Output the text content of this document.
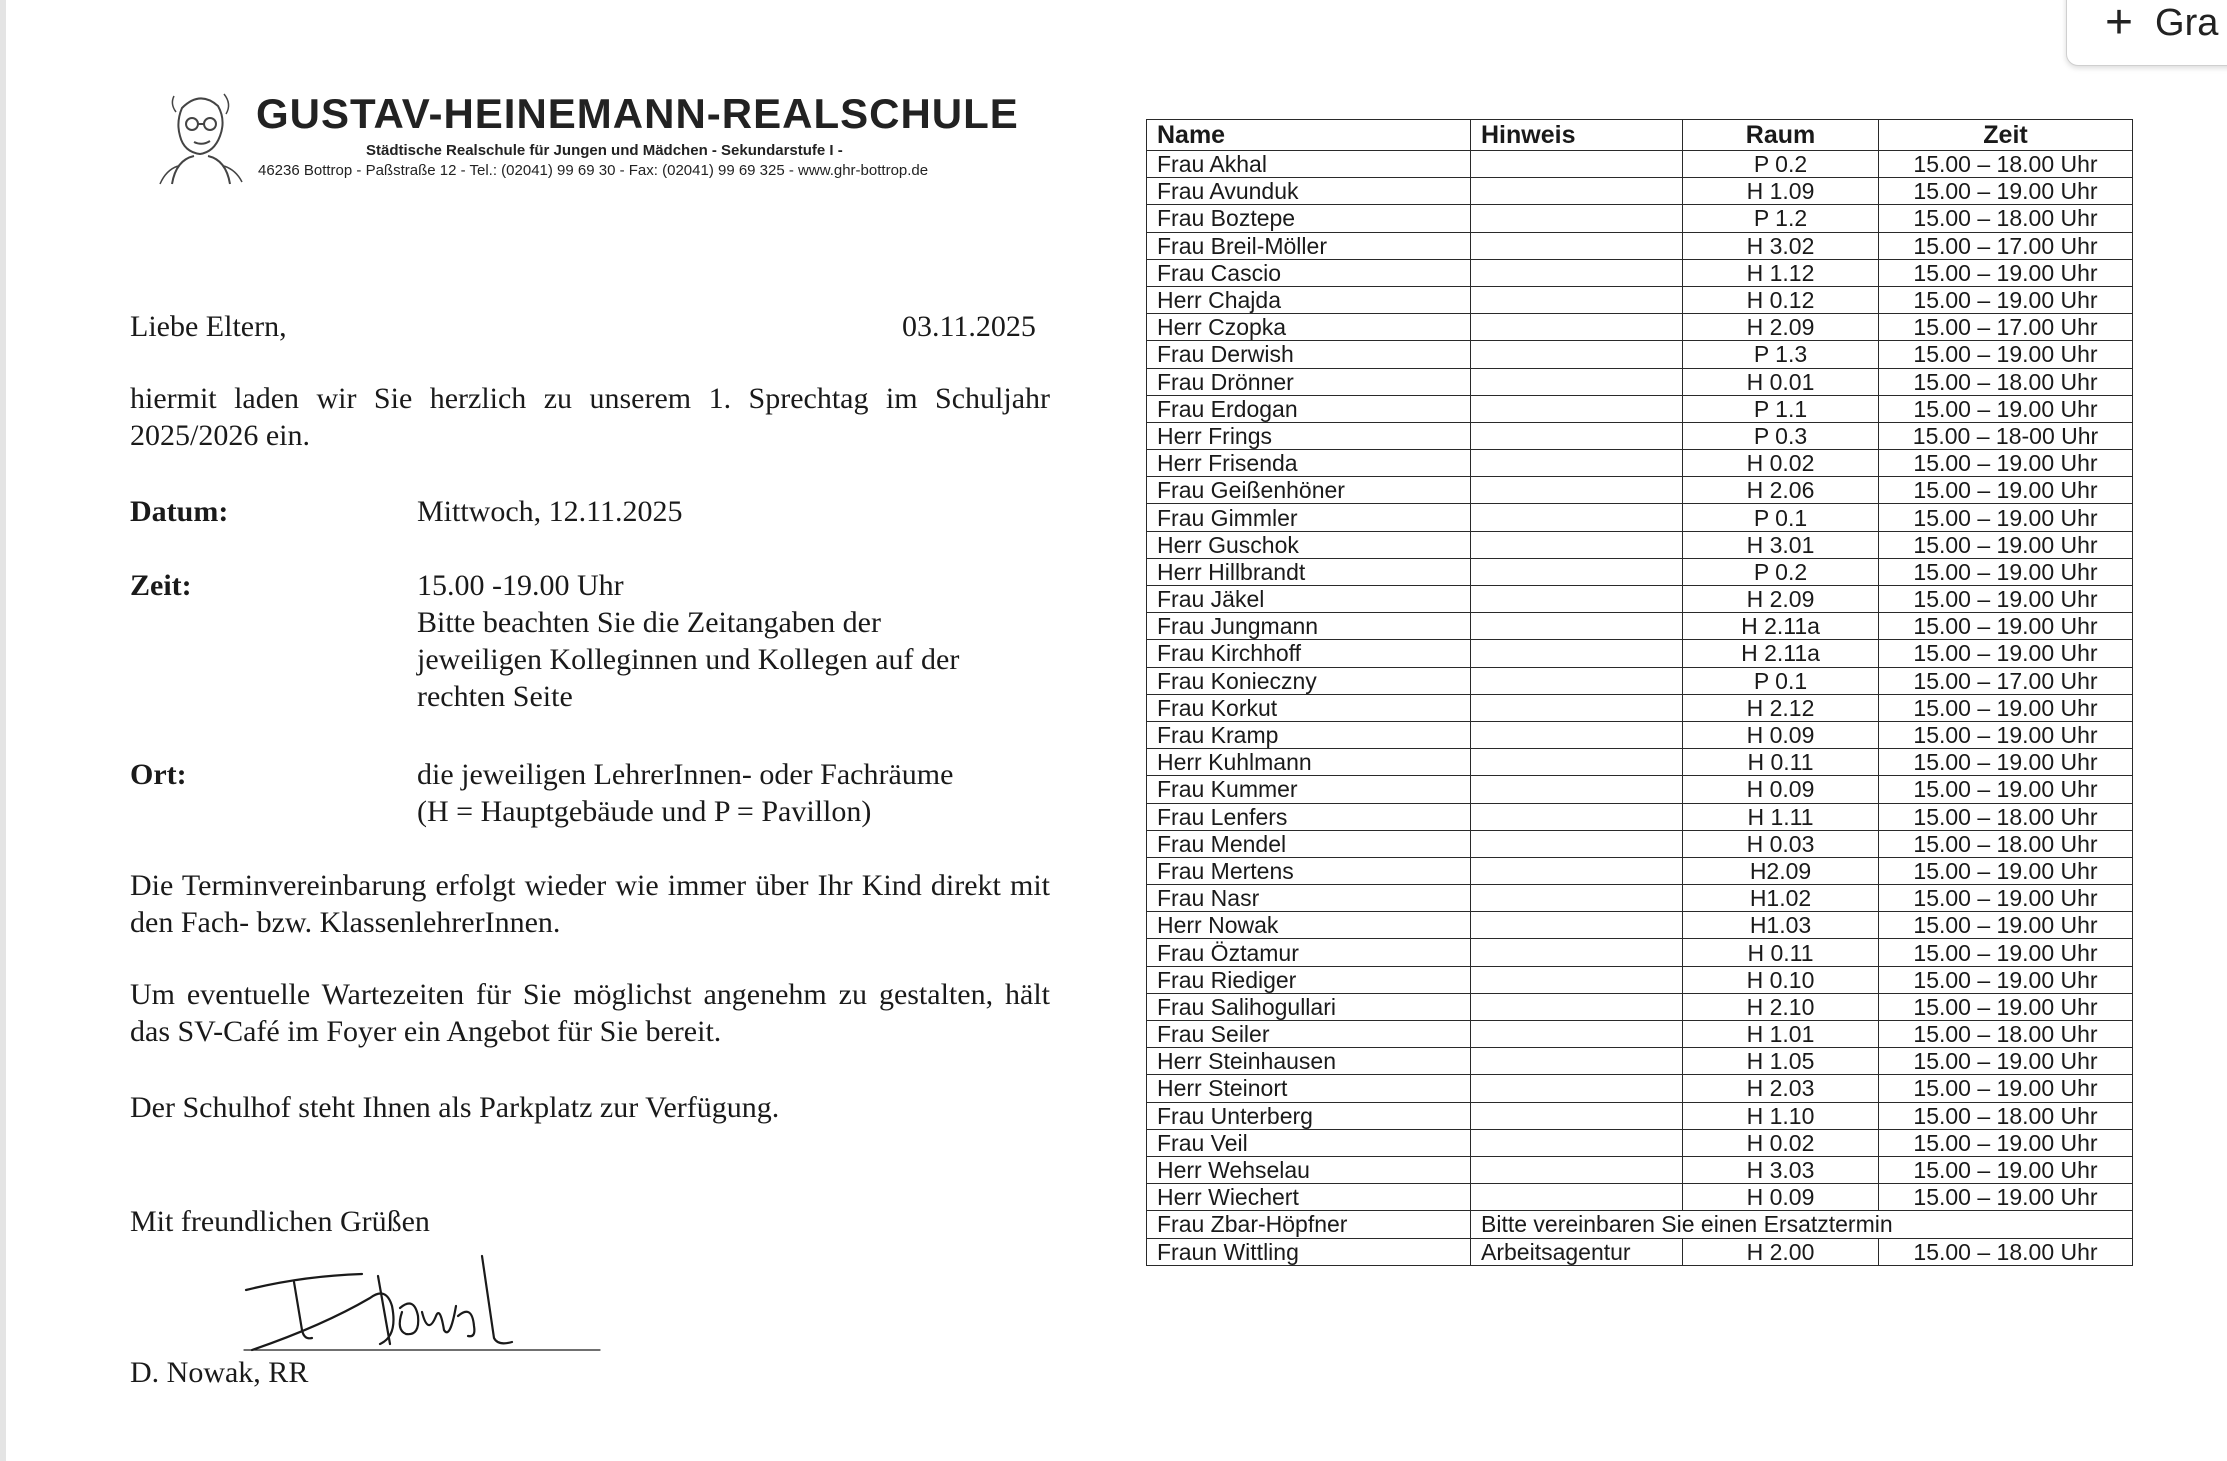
+ Gra
GUSTAV-HEINEMANN-REALSCHULE
Städtische Realschule für Jungen und Mädchen - Sekundarstufe I -
46236 Bottrop - Paßstraße 12 - Tel.: (02041) 99 69 30 - Fax: (02041) 99 69 325 - www.ghr-bottrop.de
Liebe Eltern,	03.11.2025
hiermit laden wir Sie herzlich zu unserem 1. Sprechtag im Schuljahr 2025/2026 ein.
Datum:	Mittwoch, 12.11.2025
Zeit:	15.00 -19.00 Uhr
Bitte beachten Sie die Zeitangaben der
jeweiligen Kolleginnen und Kollegen auf der
rechten Seite
Ort:	die jeweiligen LehrerInnen- oder Fachräume
(H = Hauptgebäude und P = Pavillon)
Die Terminvereinbarung erfolgt wieder wie immer über Ihr Kind direkt mit den Fach- bzw. KlassenlehrerInnen.
Um eventuelle Wartezeiten für Sie möglichst angenehm zu gestalten, hält das SV-Café im Foyer ein Angebot für Sie bereit.
Der Schulhof steht Ihnen als Parkplatz zur Verfügung.
Mit freundlichen Grüßen
D. Nowak, RR
Name	Hinweis	Raum	Zeit
Frau Akhal		P 0.2	15.00 – 18.00 Uhr
Frau Avunduk		H 1.09	15.00 – 19.00 Uhr
Frau Boztepe		P 1.2	15.00 – 18.00 Uhr
Frau Breil-Möller		H 3.02	15.00 – 17.00 Uhr
Frau Cascio		H 1.12	15.00 – 19.00 Uhr
Herr Chajda		H 0.12	15.00 – 19.00 Uhr
Herr Czopka		H 2.09	15.00 – 17.00 Uhr
Frau Derwish		P 1.3	15.00 – 19.00 Uhr
Frau Drönner		H 0.01	15.00 – 18.00 Uhr
Frau Erdogan		P 1.1	15.00 – 19.00 Uhr
Herr Frings		P 0.3	15.00 – 18-00 Uhr
Herr Frisenda		H 0.02	15.00 – 19.00 Uhr
Frau Geißenhöner		H 2.06	15.00 – 19.00 Uhr
Frau Gimmler		P 0.1	15.00 – 19.00 Uhr
Herr Guschok		H 3.01	15.00 – 19.00 Uhr
Herr Hillbrandt		P 0.2	15.00 – 19.00 Uhr
Frau Jäkel		H 2.09	15.00 – 19.00 Uhr
Frau Jungmann		H 2.11a	15.00 – 19.00 Uhr
Frau Kirchhoff		H 2.11a	15.00 – 19.00 Uhr
Frau Konieczny		P 0.1	15.00 – 17.00 Uhr
Frau Korkut		H 2.12	15.00 – 19.00 Uhr
Frau Kramp		H 0.09	15.00 – 19.00 Uhr
Herr Kuhlmann		H 0.11	15.00 – 19.00 Uhr
Frau Kummer		H 0.09	15.00 – 19.00 Uhr
Frau Lenfers		H 1.11	15.00 – 18.00 Uhr
Frau Mendel		H 0.03	15.00 – 18.00 Uhr
Frau Mertens		H2.09	15.00 – 19.00 Uhr
Frau Nasr		H1.02	15.00 – 19.00 Uhr
Herr Nowak		H1.03	15.00 – 19.00 Uhr
Frau Öztamur		H 0.11	15.00 – 19.00 Uhr
Frau Riediger		H 0.10	15.00 – 19.00 Uhr
Frau Salihogullari		H 2.10	15.00 – 19.00 Uhr
Frau Seiler		H 1.01	15.00 – 18.00 Uhr
Herr Steinhausen		H 1.05	15.00 – 19.00 Uhr
Herr Steinort		H 2.03	15.00 – 19.00 Uhr
Frau Unterberg		H 1.10	15.00 – 18.00 Uhr
Frau Veil		H 0.02	15.00 – 19.00 Uhr
Herr Wehselau		H 3.03	15.00 – 19.00 Uhr
Herr Wiechert		H 0.09	15.00 – 19.00 Uhr
Frau Zbar-Höpfner	Bitte vereinbaren Sie einen Ersatztermin		
Fraun Wittling	Arbeitsagentur	H 2.00	15.00 – 18.00 Uhr
